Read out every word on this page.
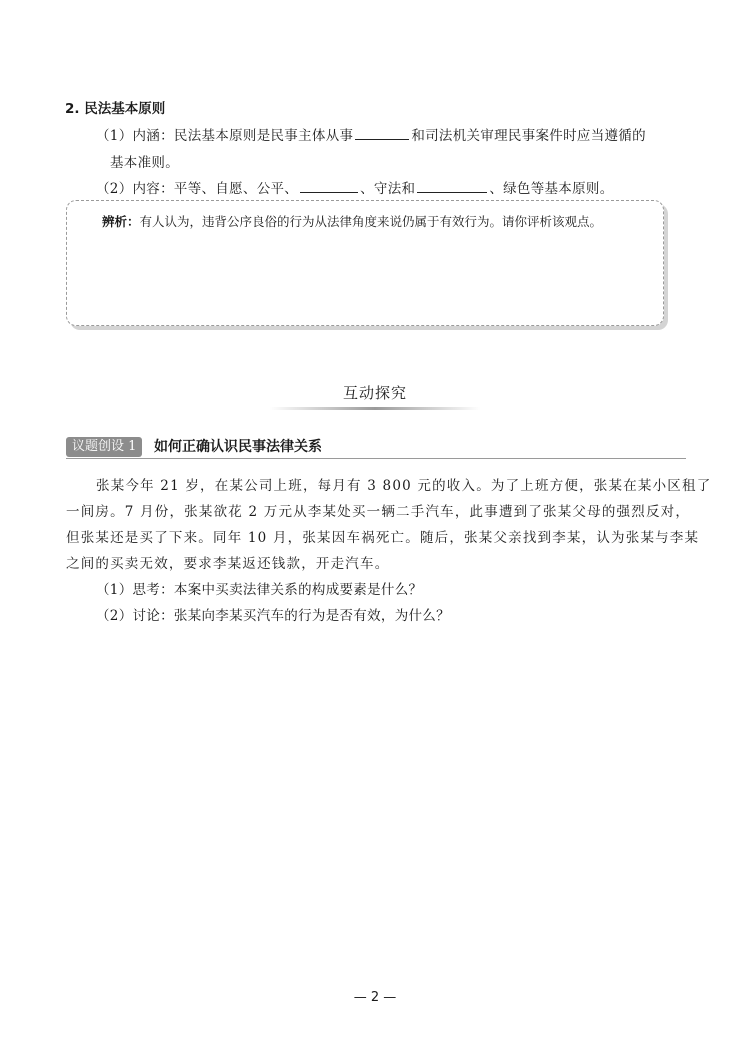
2. 民法基本原则
（1）内涵：民法基本原则是民事主体从事	和司法机关审理民事案件时应当遵循的
基本准则。
（2）内容：平等、自愿、公平、	、守法和	、绿色等基本原则。
辨析：有人认为，违背公序良俗的行为从法律角度来说仍属于有效行为。请你评析该观点。
互动探究
议题创设 1	如何正确认识民事法律关系
张某今年 21 岁，在某公司上班，每月有 3 800 元的收入。为了上班方便，张某在某小区租了
一间房。7 月份，张某欲花 2 万元从李某处买一辆二手汽车，此事遭到了张某父母的强烈反对，
但张某还是买了下来。同年 10 月，张某因车祸死亡。随后，张某父亲找到李某，认为张某与李某
之间的买卖无效，要求李某返还钱款，开走汽车。
（1）思考：本案中买卖法律关系的构成要素是什么？
（2）讨论：张某向李某买汽车的行为是否有效，为什么？
— 2 —
